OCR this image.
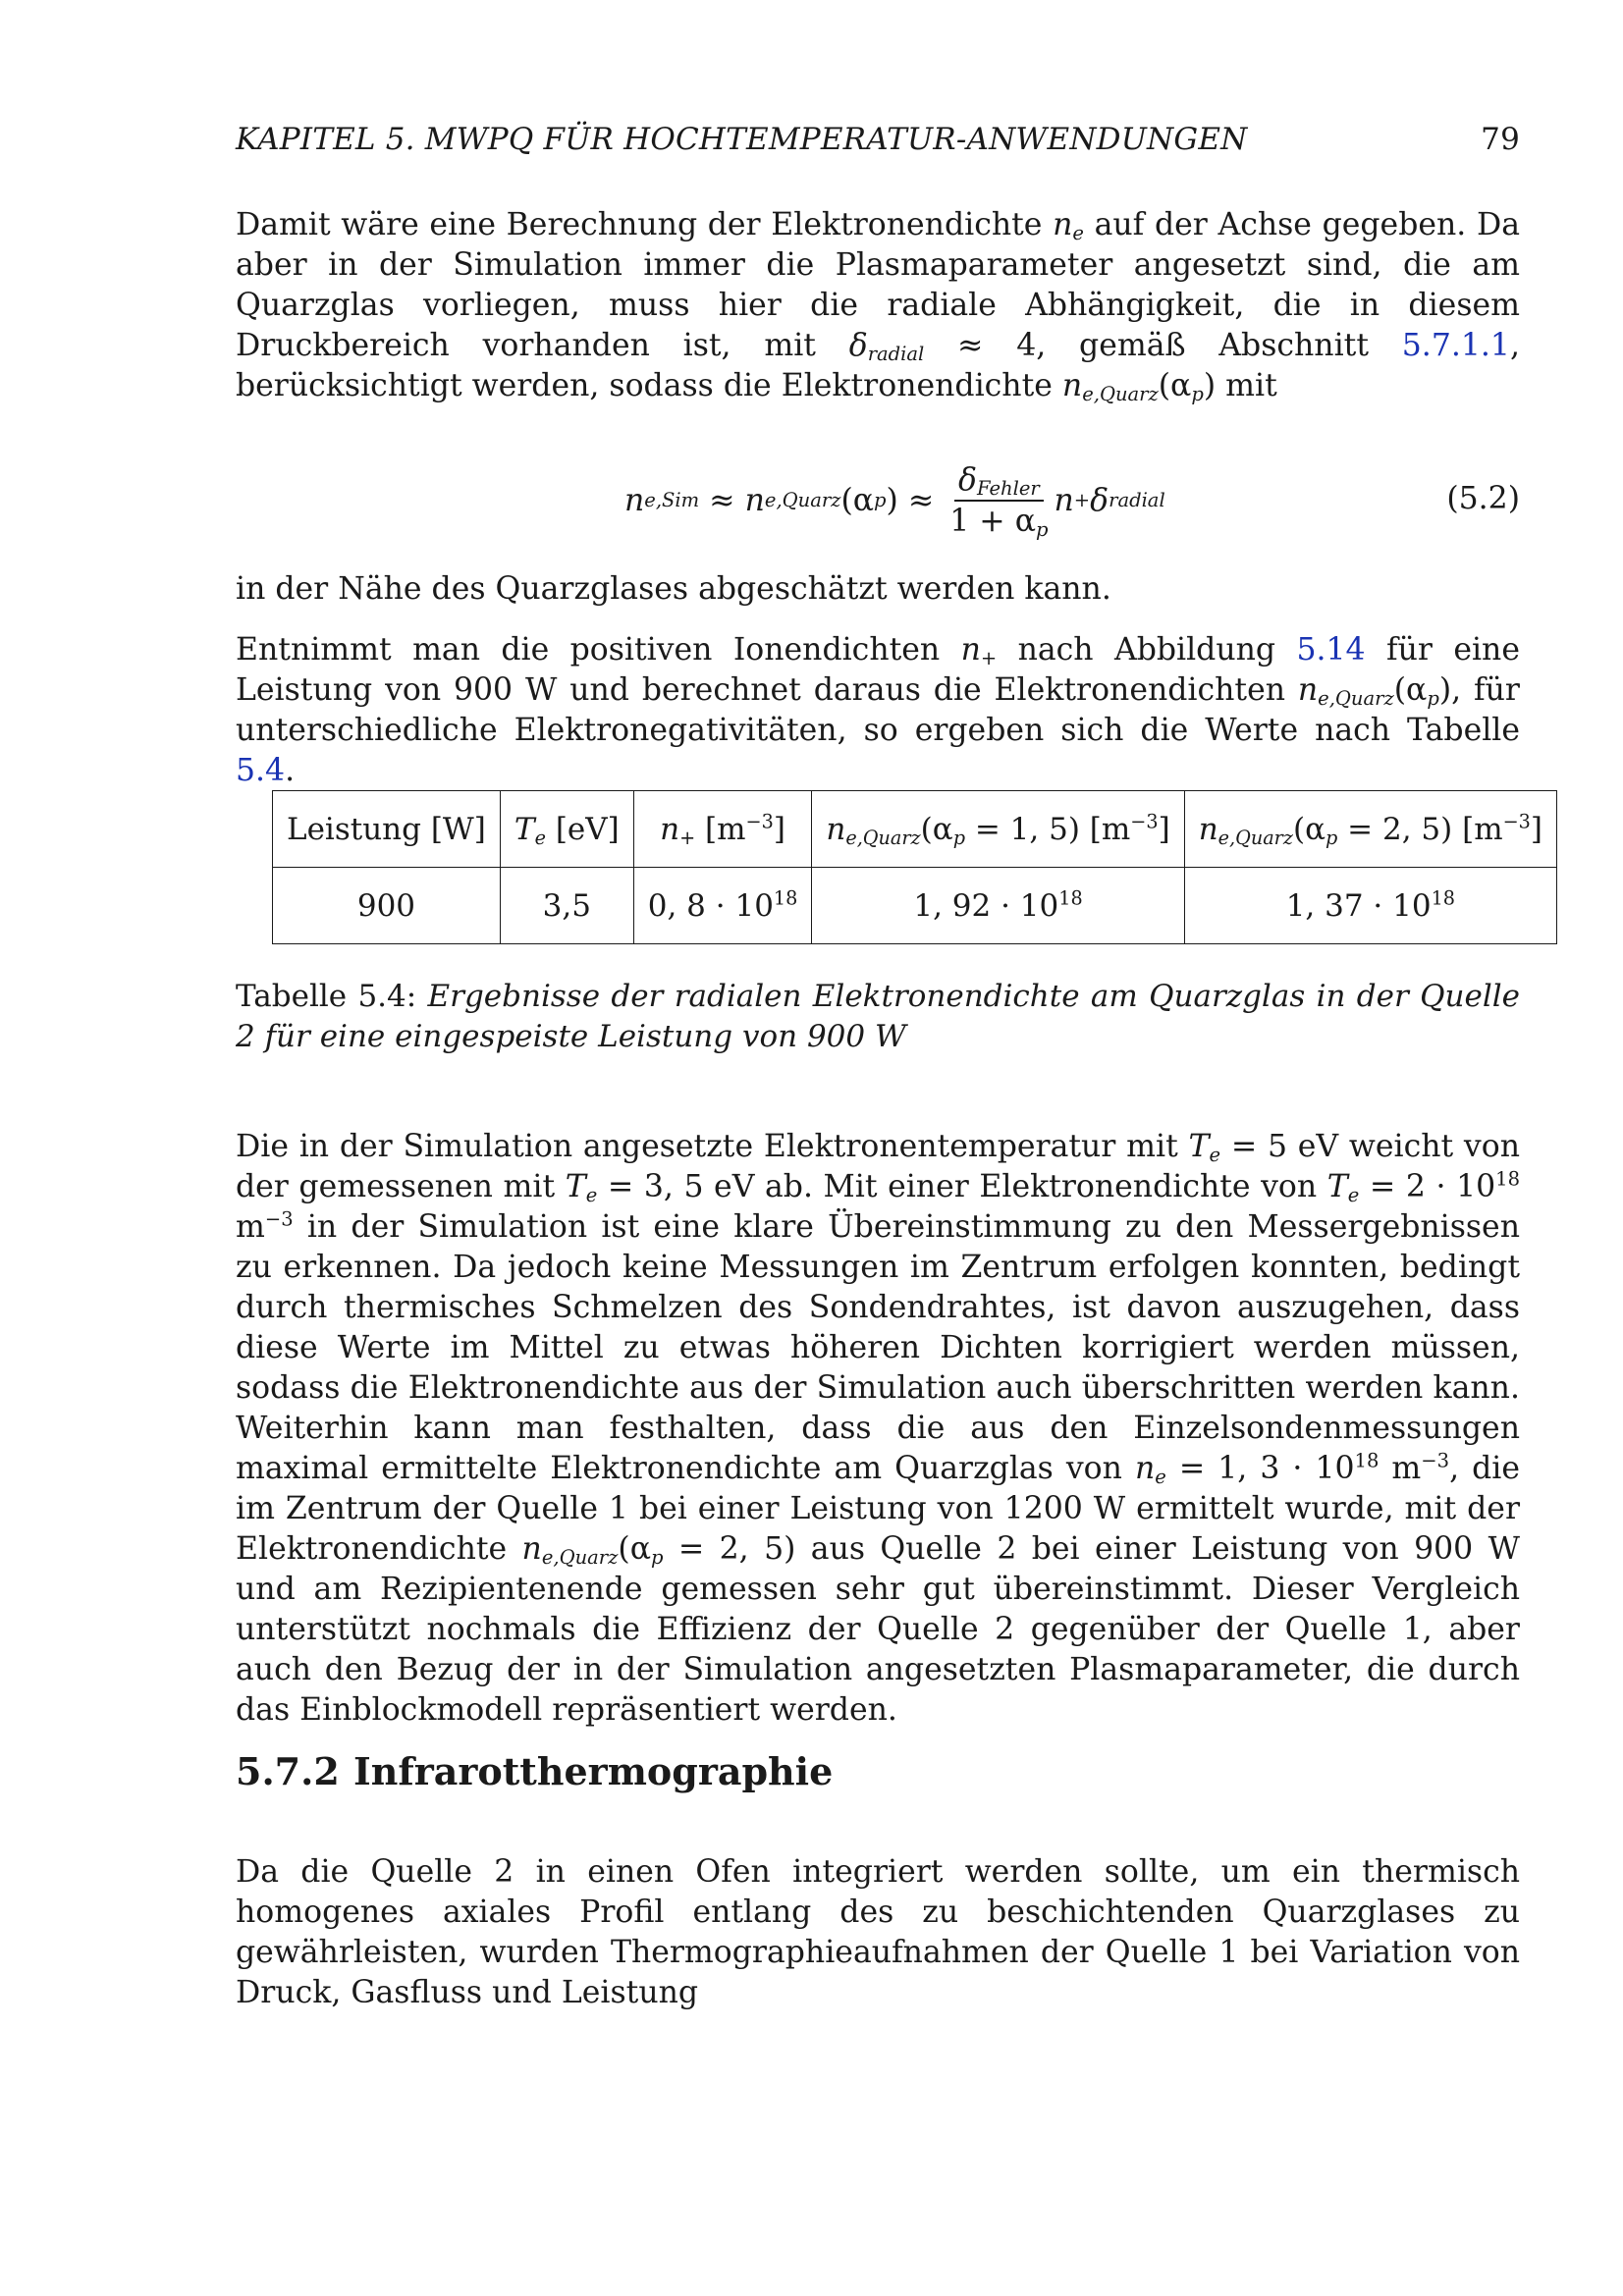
KAPITEL 5. MWPQ FÜR HOCHTEMPERATUR-ANWENDUNGEN	79

Damit wäre eine Berechnung der Elektronendichte $n_e$ auf der Achse gegeben. Da aber in der Simulation immer die Plasmaparameter angesetzt sind, die am Quarzglas vorliegen, muss hier die radiale Abhängigkeit, die in diesem Druckbereich vorhanden ist, mit $\delta_{radial} \approx 4$, gemäß Abschnitt 5.7.1.1, berücksichtigt werden, sodass die Elektronendichte $n_{e,Quarz}(\alpha_p)$ mit

n e,Sim ≈ n e,Quarz (α p ) ≈ $\frac{\delta_{Fehler}}{1 + \alpha_p}$ n + δ radial	(5.2)

in der Nähe des Quarzglases abgeschätzt werden kann.

Entnimmt man die positiven Ionendichten $n_+$ nach Abbildung 5.14 für eine Leistung von 900 W und berechnet daraus die Elektronendichten $n_{e,Quarz}(\alpha_p)$, für unterschiedliche Elektronegativitäten, so ergeben sich die Werte nach Tabelle 5.4.

Leistung [W]	$T_e$ [eV]	$n_+$ $[m^{-3}]$	$n_{e,Quarz}(\alpha_p = 1$, 5) $[m^{-3}]$	$n_{e,Quarz}(\alpha_p = 2$, 5) $[m^{-3}]$
900	3,5	0, $8 \cdot 10^{18}$	1, $92 \cdot 10^{18}$	1, $37 \cdot 10^{18}$
Tabelle 5.4: Ergebnisse der radialen Elektronendichte am Quarzglas in der Quelle 2 für eine eingespeiste Leistung von 900 W

Die in der Simulation angesetzte Elektronentemperatur mit $T_e = 5$ eV weicht von der gemessenen mit $T_e = 3$, 5 eV ab. Mit einer Elektronendichte von $T_e = 2 \cdot 10^{18}$ $m^{-3}$ in der Simulation ist eine klare Übereinstimmung zu den Messergebnissen zu erkennen. Da jedoch keine Messungen im Zentrum erfolgen konnten, bedingt durch thermisches Schmelzen des Sondendrahtes, ist davon auszugehen, dass diese Werte im Mittel zu etwas höheren Dichten korrigiert werden müssen, sodass die Elektronendichte aus der Simulation auch überschritten werden kann. Weiterhin kann man festhalten, dass die aus den Einzelsondenmessungen maximal ermittelte Elektronendichte am Quarzglas von $n_e = 1$, $3 \cdot 10^{18}$ $m^{-3}$, die im Zentrum der Quelle 1 bei einer Leistung von 1200 W ermittelt wurde, mit der Elektronendichte $n_{e,Quarz}(\alpha_p = 2$, 5) aus Quelle 2 bei einer Leistung von 900 W und am Rezipientenende gemessen sehr gut übereinstimmt. Dieser Vergleich unterstützt nochmals die Effizienz der Quelle 2 gegenüber der Quelle 1, aber auch den Bezug der in der Simulation angesetzten Plasmaparameter, die durch das Einblockmodell repräsentiert werden.

5.7.2 Infrarotthermographie

Da die Quelle 2 in einen Ofen integriert werden sollte, um ein thermisch homogenes axiales Profil entlang des zu beschichtenden Quarzglases zu gewährleisten, wurden Thermographieaufnahmen der Quelle 1 bei Variation von Druck, Gasfluss und Leistung
